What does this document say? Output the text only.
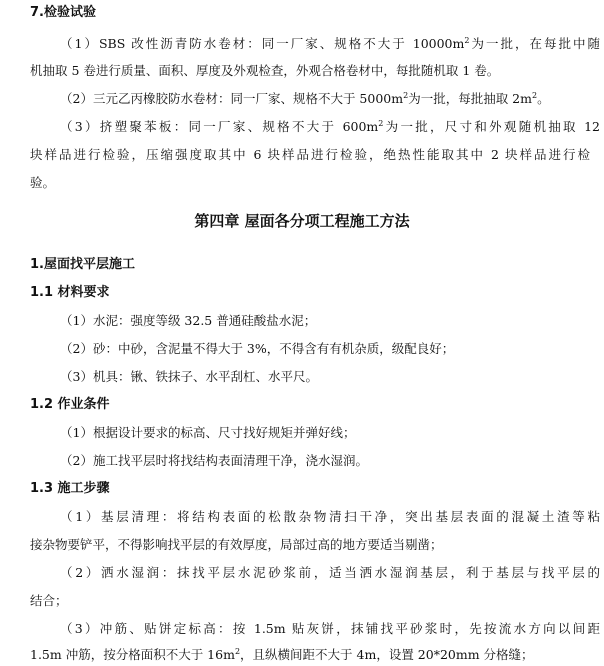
7.检验试验
（1）SBS 改性沥青防水卷材：同一厂家、规格不大于 $10000m^2$为一批，在每批中随
机抽取 5 卷进行质量、面积、厚度及外观检查，外观合格卷材中，每批随机取 1 卷。
（2）三元乙丙橡胶防水卷材：同一厂家、规格不大于 $5000m^2$为一批，每批抽取 $2m^2$。
（3）挤塑聚苯板：同一厂家、规格不大于 $600m^2$为一批，尺寸和外观随机抽取 12
块样品进行检验，压缩强度取其中 6 块样品进行检验，绝热性能取其中 2 块样品进行检
验。
第四章 屋面各分项工程施工方法
1.屋面找平层施工
1.1 材料要求
（1）水泥：强度等级 32.5 普通硅酸盐水泥；
（2）砂：中砂，含泥量不得大于 3%，不得含有有机杂质，级配良好；
（3）机具：锹、铁抹子、水平刮杠、水平尺。
1.2 作业条件
（1）根据设计要求的标高、尺寸找好规矩并弹好线；
（2）施工找平层时将找结构表面清理干净，浇水湿润。
1.3 施工步骤
（1）基层清理：将结构表面的松散杂物清扫干净，突出基层表面的混凝土渣等粘
接杂物要铲平，不得影响找平层的有效厚度，局部过高的地方要适当剔凿；
（2）洒水湿润：抹找平层水泥砂浆前，适当洒水湿润基层，利于基层与找平层的
结合；
（3）冲筋、贴饼定标高：按 1.5m 贴灰饼，抹铺找平砂浆时，先按流水方向以间距
1.5m 冲筋，按分格面积不大于 $16m^2$，且纵横间距不大于 4m，设置 20*20mm 分格缝；
